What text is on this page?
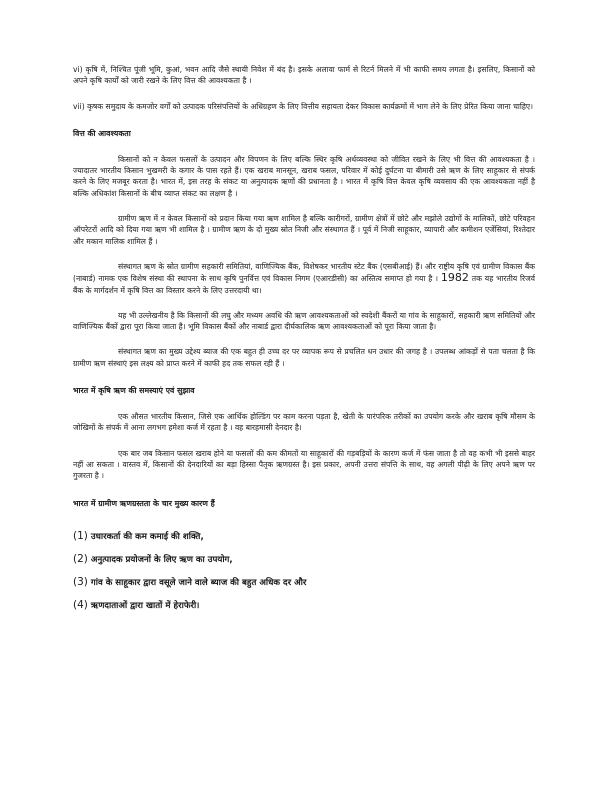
vi) कृषि में, निश्चित पूंजी भूमि, कुआं, भवन आदि जैसे स्थायी निवेश में बंद है। इसके अलावा फार्म से रिटर्न मिलने में भी काफी समय लगता है। इसलिए, किसानों को अपने कृषि कार्यों को जारी रखने के लिए वित्त की आवश्यकता है ।

vii) कृषक समुदाय के कमजोर वर्गों को उत्पादक परिसंपत्तियों के अधिग्रहण के लिए वित्तीय सहायता देकर विकास कार्यक्रमों में भाग लेने के लिए प्रेरित किया जाना चाहिए।

वित्त की आवश्यकता

किसानों को न केवल फसलों के उत्पादन और विपणन के लिए बल्कि स्थिर कृषि अर्थव्यवस्था को जीवित रखने के लिए भी वित्त की आवश्यकता है । ज्यादातर भारतीय किसान भुखमरी के कगार के पास रहते हैं। एक खराब मानसून, खराब फसल, परिवार में कोई दुर्घटना या बीमारी उसे ऋण के लिए साहूकार से संपर्क करने के लिए मजबूर करता है। भारत में, इस तरह के संकट या अनुत्पादक ऋणों की प्रधानता है । भारत में कृषि वित्त केवल कृषि व्यवसाय की एक आवश्यकता नहीं है बल्कि अधिकांश किसानों के बीच व्याप्त संकट का लक्षण है ।

ग्रामीण ऋण में न केवल किसानों को प्रदान किया गया ऋण शामिल है बल्कि कारीगरों, ग्रामीण क्षेत्रों में छोटे और मझोले उद्योगों के मालिकों, छोटे परिवहन ऑपरेटरों आदि को दिया गया ऋण भी शामिल है । ग्रामीण ऋण के दो मुख्य स्रोत निजी और संस्थागत हैं । पूर्व में निजी साहूकार, व्यापारी और कमीशन एजेंसियां, रिश्तेदार और मकान मालिक शामिल हैं ।

संस्थागत ऋण के स्रोत ग्रामीण सहकारी समितियां, वाणिज्यिक बैंक, विशेषकर भारतीय स्टेट बैंक (एसबीआई) हैं। और राष्ट्रीय कृषि एवं ग्रामीण विकास बैंक (नाबार्ड) नामक एक विशेष संस्था की स्थापना के साथ कृषि पुनर्वित्त एवं विकास निगम (एआरडीसी) का अस्तित्व समाप्त हो गया है । 1982 तक यह भारतीय रिजर्व बैंक के मार्गदर्शन में कृषि वित्त का विस्तार करने के लिए उत्तरदायी था।

यह भी उल्लेखनीय है कि किसानों की लघु और मध्यम अवधि की ऋण आवश्यकताओं को स्वदेशी बैंकरों या गांव के साहूकारों, सहकारी ऋण समितियों और वाणिज्यिक बैंकों द्वारा पूरा किया जाता है। भूमि विकास बैंकों और नाबार्ड द्वारा दीर्घकालिक ऋण आवश्यकताओं को पूरा किया जाता है।

संस्थागत ऋण का मुख्य उद्देश्य ब्याज की एक बहुत ही उच्च दर पर व्यापक रूप से प्रचलित धन उधार की जगह है । उपलब्ध आंकड़ों से पता चलता है कि ग्रामीण ऋण संस्थाएं इस लक्ष्य को प्राप्त करने में काफी हद तक सफल रही हैं ।

भारत में कृषि ऋण की समस्याएं एवं सुझाव

एक औसत भारतीय किसान, जिसे एक आर्थिक होल्डिंग पर काम करना पड़ता है, खेती के पारंपरिक तरीकों का उपयोग करके और खराब कृषि मौसम के जोखिमों के संपर्क में आना लगभग हमेशा कर्ज में रहता है । वह बारहमासी देनदार है।

एक बार जब किसान फसल खराब होने या फसलों की कम कीमतों या साहूकारों की गड़बड़ियों के कारण कर्ज में फंस जाता है तो वह कभी भी इससे बाहर नहीं आ सकता । वास्तव में, किसानों की देनदारियों का बड़ा हिस्सा पैतृक ऋणग्रस्त है। इस प्रकार, अपनी उत्तरा संपत्ति के साथ, वह अगली पीढ़ी के लिए अपने ऋण पर गुजरता है ।

भारत में ग्रामीण ऋणग्रस्तता के चार मुख्य कारण हैं
(1) उधारकर्ता की कम कमाई की शक्ति,
(2) अनुत्पादक प्रयोजनों के लिए ऋण का उपयोग,
(3) गांव के साहूकार द्वारा वसूले जाने वाले ब्याज की बहुत अधिक दर और
(4) ऋणदाताओं द्वारा खातों में हेराफेरी।
